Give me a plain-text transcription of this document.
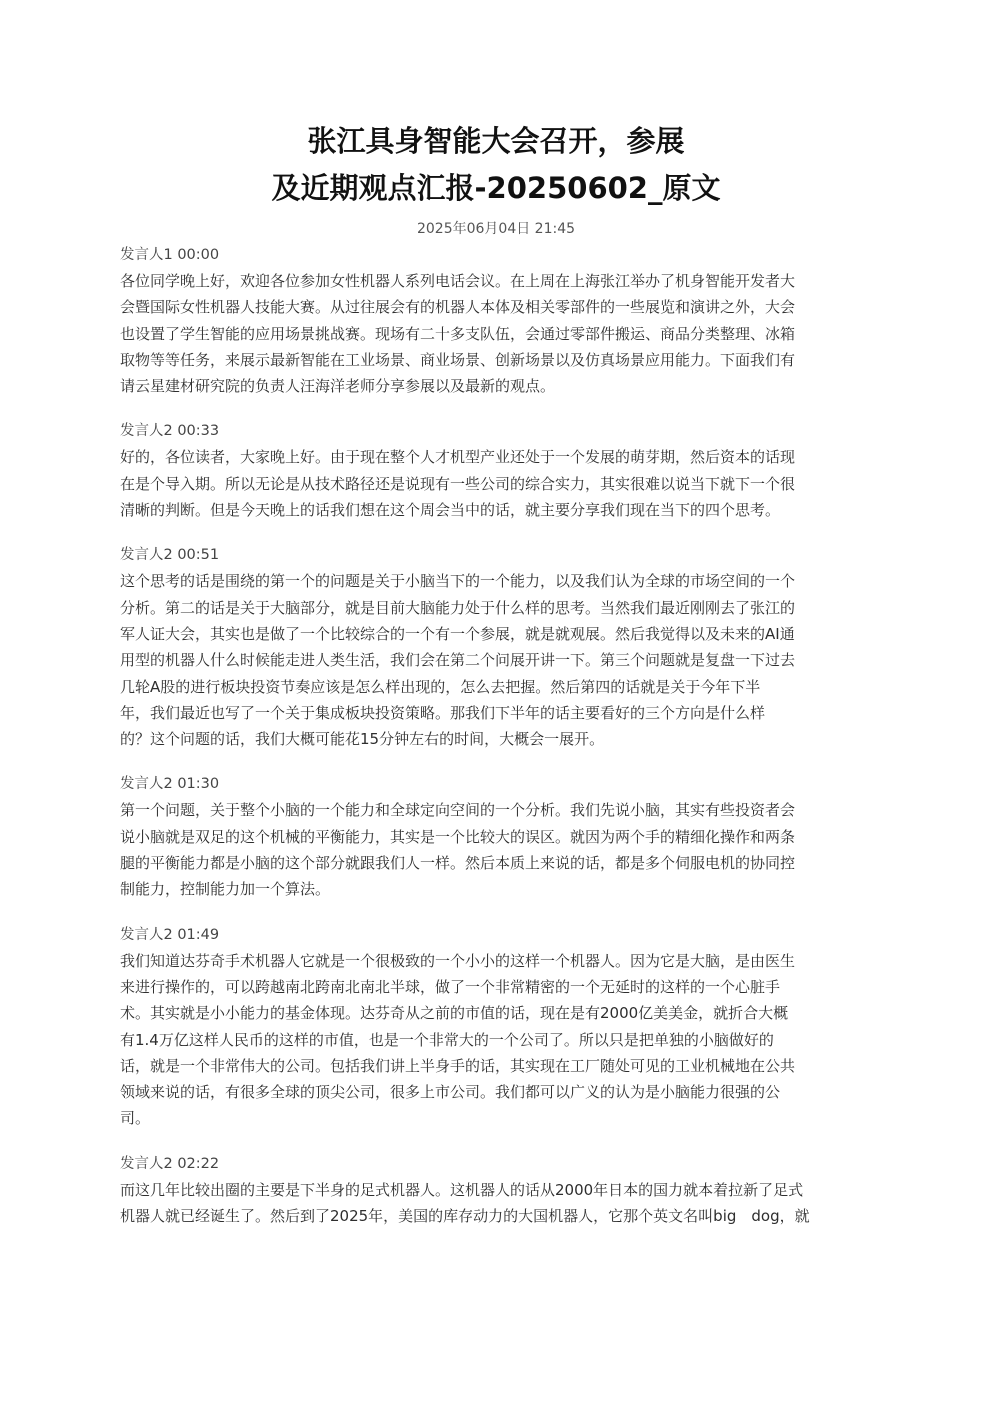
张江具身智能大会召开，参展
及近期观点汇报-20250602_原文
2025年06月04日 21:45
发言人1 00:00
各位同学晚上好，欢迎各位参加女性机器人系列电话会议。在上周在上海张江举办了机身智能开发者大
会暨国际女性机器人技能大赛。从过往展会有的机器人本体及相关零部件的一些展览和演讲之外，大会
也设置了学生智能的应用场景挑战赛。现场有二十多支队伍，会通过零部件搬运、商品分类整理、冰箱
取物等等任务，来展示最新智能在工业场景、商业场景、创新场景以及仿真场景应用能力。下面我们有
请云星建材研究院的负责人汪海洋老师分享参展以及最新的观点。
发言人2 00:33
好的，各位读者，大家晚上好。由于现在整个人才机型产业还处于一个发展的萌芽期，然后资本的话现
在是个导入期。所以无论是从技术路径还是说现有一些公司的综合实力，其实很难以说当下就下一个很
清晰的判断。但是今天晚上的话我们想在这个周会当中的话，就主要分享我们现在当下的四个思考。
发言人2 00:51
这个思考的话是围绕的第一个的问题是关于小脑当下的一个能力，以及我们认为全球的市场空间的一个
分析。第二的话是关于大脑部分，就是目前大脑能力处于什么样的思考。当然我们最近刚刚去了张江的
军人证大会，其实也是做了一个比较综合的一个有一个参展，就是就观展。然后我觉得以及未来的AI通
用型的机器人什么时候能走进人类生活，我们会在第二个问展开讲一下。第三个问题就是复盘一下过去
几轮A股的进行板块投资节奏应该是怎么样出现的，怎么去把握。然后第四的话就是关于今年下半
年，我们最近也写了一个关于集成板块投资策略。那我们下半年的话主要看好的三个方向是什么样
的？这个问题的话，我们大概可能花15分钟左右的时间，大概会一展开。
发言人2 01:30
第一个问题，关于整个小脑的一个能力和全球定向空间的一个分析。我们先说小脑，其实有些投资者会
说小脑就是双足的这个机械的平衡能力，其实是一个比较大的误区。就因为两个手的精细化操作和两条
腿的平衡能力都是小脑的这个部分就跟我们人一样。然后本质上来说的话，都是多个伺服电机的协同控
制能力，控制能力加一个算法。
发言人2 01:49
我们知道达芬奇手术机器人它就是一个很极致的一个小小的这样一个机器人。因为它是大脑，是由医生
来进行操作的，可以跨越南北跨南北南北半球，做了一个非常精密的一个无延时的这样的一个心脏手
术。其实就是小小能力的基金体现。达芬奇从之前的市值的话，现在是有2000亿美美金，就折合大概
有1.4万亿这样人民币的这样的市值，也是一个非常大的一个公司了。所以只是把单独的小脑做好的
话，就是一个非常伟大的公司。包括我们讲上半身手的话，其实现在工厂随处可见的工业机械地在公共
领域来说的话，有很多全球的顶尖公司，很多上市公司。我们都可以广义的认为是小脑能力很强的公
司。
发言人2 02:22
而这几年比较出圈的主要是下半身的足式机器人。这机器人的话从2000年日本的国力就本着拉新了足式
机器人就已经诞生了。然后到了2025年，美国的库存动力的大国机器人，它那个英文名叫big　dog，就
